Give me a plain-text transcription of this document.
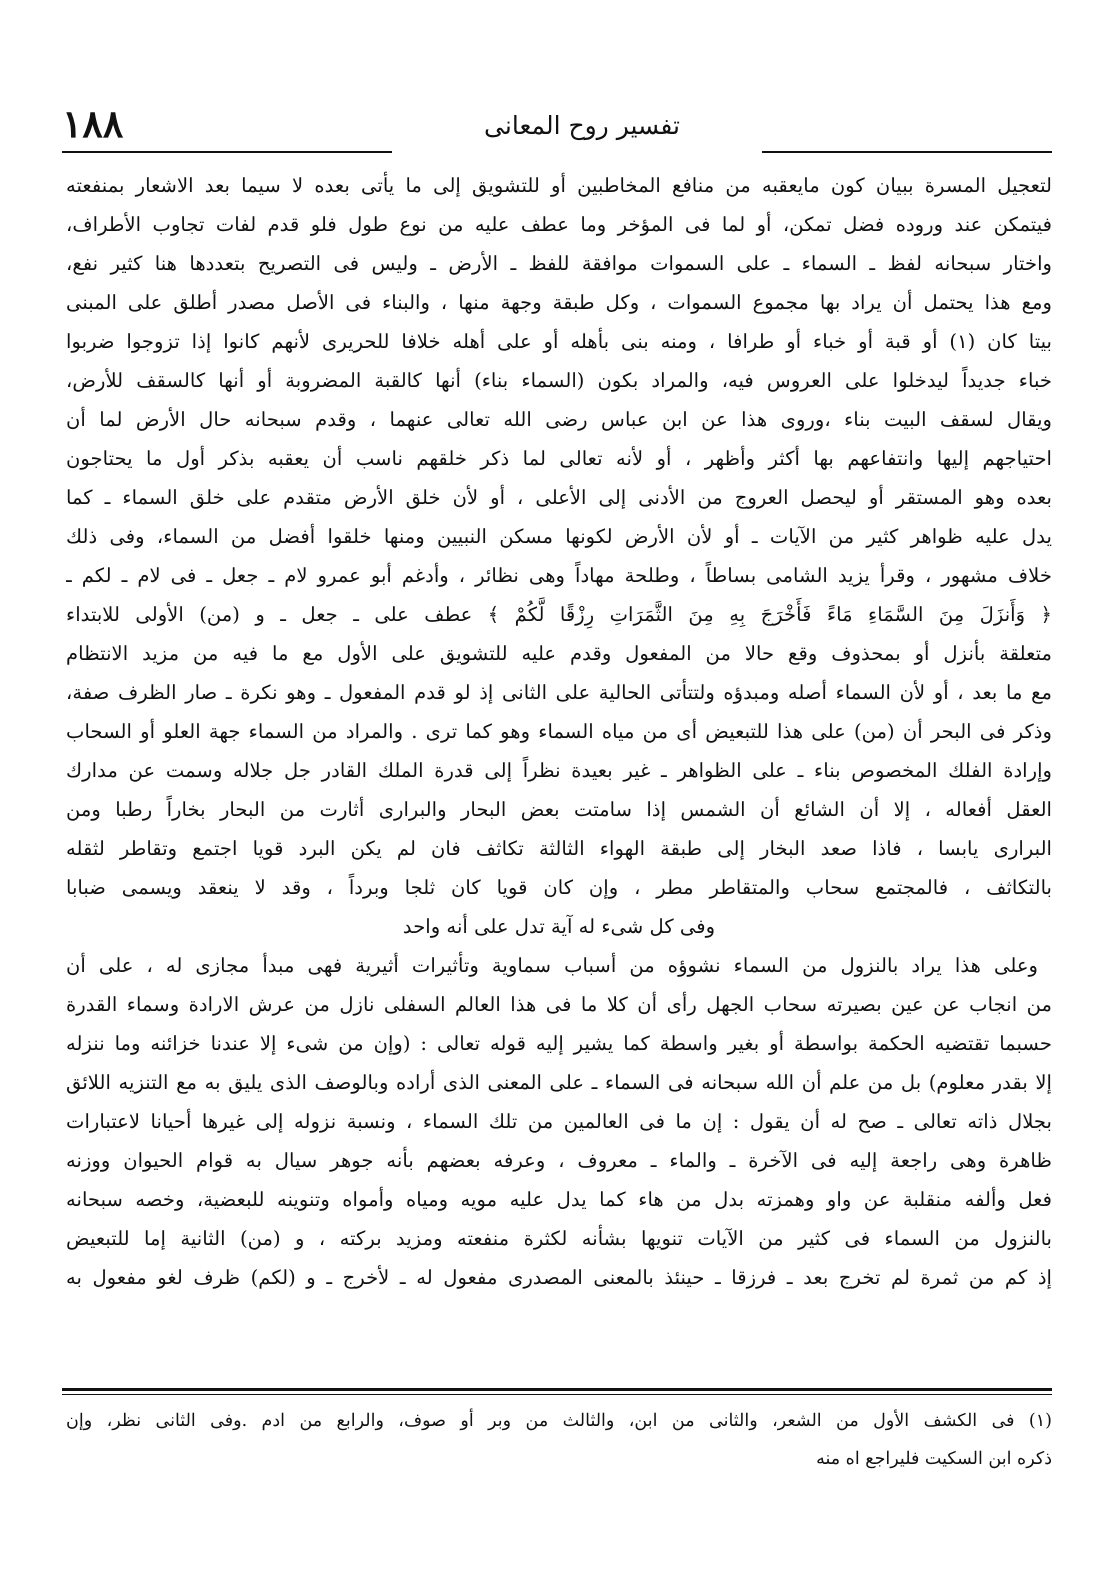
١٨٨	تفسير روح المعانى
لتعجيل المسرة ببيان كون مايعقبه من منافع المخاطبين أو للتشويق إلى ما يأتى بعده لا سيما بعد الاشعار بمنفعته
فيتمكن عند وروده فضل تمكن، أو لما فى المؤخر وما عطف عليه من نوع طول فلو قدم لفات تجاوب الأطراف،
واختار سبحانه لفظ ـ السماء ـ على السموات موافقة للفظ ـ الأرض ـ وليس فى التصريح بتعددها هنا كثير نفع،
ومع هذا يحتمل أن يراد بها مجموع السموات ، وكل طبقة وجهة منها ، والبناء فى الأصل مصدر أطلق على المبنى
بيتا كان (١) أو قبة أو خباء أو طرافا ، ومنه بنى بأهله أو على أهله خلافا للحريرى لأنهم كانوا إذا تزوجوا ضربوا
خباء جديداً ليدخلوا على العروس فيه، والمراد بكون (السماء بناء) أنها كالقبة المضروبة أو أنها كالسقف للأرض،
ويقال لسقف البيت بناء ،وروى هذا عن ابن عباس رضى الله تعالى عنهما ، وقدم سبحانه حال الأرض لما أن
احتياجهم إليها وانتفاعهم بها أكثر وأظهر ، أو لأنه تعالى لما ذكر خلقهم ناسب أن يعقبه بذكر أول ما يحتاجون
بعده وهو المستقر أو ليحصل العروج من الأدنى إلى الأعلى ، أو لأن خلق الأرض متقدم على خلق السماء ـ كما
يدل عليه ظواهر كثير من الآيات ـ أو لأن الأرض لكونها مسكن النبيين ومنها خلقوا أفضل من السماء، وفى ذلك
خلاف مشهور ، وقرأ يزيد الشامى بساطاً ، وطلحة مهاداً وهى نظائر ، وأدغم أبو عمرو لام ـ جعل ـ فى لام ـ لكم ـ
﴿ وَأَنزَلَ مِنَ السَّمَاءِ مَاءً فَأَخْرَجَ بِهِ مِنَ الثَّمَرَاتِ رِزْقًا لَّكُمْ ﴾ عطف على ـ جعل ـ و (من) الأولى للابتداء
متعلقة بأنزل أو بمحذوف وقع حالا من المفعول وقدم عليه للتشويق على الأول مع ما فيه من مزيد الانتظام
مع ما بعد ، أو لأن السماء أصله ومبدؤه ولتتأتى الحالية على الثانى إذ لو قدم المفعول ـ وهو نكرة ـ صار الظرف صفة،
وذكر فى البحر أن (من) على هذا للتبعيض أى من مياه السماء وهو كما ترى . والمراد من السماء جهة العلو أو السحاب
وإرادة الفلك المخصوص بناء ـ على الظواهر ـ غير بعيدة نظراً إلى قدرة الملك القادر جل جلاله وسمت عن مدارك
العقل أفعاله ، إلا أن الشائع أن الشمس إذا سامتت بعض البحار والبرارى أثارت من البحار بخاراً رطبا ومن
البرارى يابسا ، فاذا صعد البخار إلى طبقة الهواء الثالثة تكاثف فان لم يكن البرد قويا اجتمع وتقاطر لثقله
بالتكاثف ، فالمجتمع سحاب والمتقاطر مطر ، وإن كان قويا كان ثلجا وبرداً ، وقد لا ينعقد ويسمى ضبابا
وفى كل شىء له آية تدل على أنه واحد
وعلى هذا يراد بالنزول من السماء نشوؤه من أسباب سماوية وتأثيرات أثيرية فهى مبدأ مجازى له ، على أن
من انجاب عن عين بصيرته سحاب الجهل رأى أن كلا ما فى هذا العالم السفلى نازل من عرش الارادة وسماء القدرة
حسبما تقتضيه الحكمة بواسطة أو بغير واسطة كما يشير إليه قوله تعالى : (وإن من شىء إلا عندنا خزائنه وما ننزله
إلا بقدر معلوم) بل من علم أن الله سبحانه فى السماء ـ على المعنى الذى أراده وبالوصف الذى يليق به مع التنزيه اللائق
بجلال ذاته تعالى ـ صح له أن يقول : إن ما فى العالمين من تلك السماء ، ونسبة نزوله إلى غيرها أحيانا لاعتبارات
ظاهرة وهى راجعة إليه فى الآخرة ـ والماء ـ معروف ، وعرفه بعضهم بأنه جوهر سيال به قوام الحيوان ووزنه
فعل وألفه منقلبة عن واو وهمزته بدل من هاء كما يدل عليه مويه ومياه وأمواه وتنوينه للبعضية، وخصه سبحانه
بالنزول من السماء فى كثير من الآيات تنويها بشأنه لكثرة منفعته ومزيد بركته ، و (من) الثانية إما للتبعيض
إذ كم من ثمرة لم تخرج بعد ـ فرزقا ـ حينئذ بالمعنى المصدرى مفعول له ـ لأخرج ـ و (لكم) ظرف لغو مفعول به
(١) فى الكشف الأول من الشعر، والثانى من ابن، والثالث من وبر أو صوف، والرابع من ادم .وفى الثانى نظر، وإن
ذكره ابن السكيت فليراجع اه منه
